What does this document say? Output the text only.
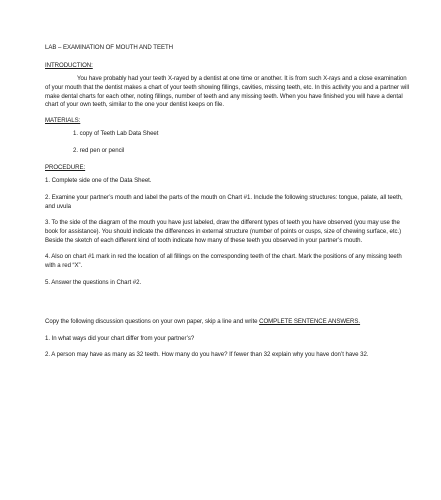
LAB – EXAMINATION OF MOUTH AND TEETH

INTRODUCTION:

You have probably had your teeth X-rayed by a dentist at one time or another. It is from such X-rays and a close examination of your mouth that the dentist makes a chart of your teeth showing fillings, cavities, missing teeth, etc. In this activity you and a partner will make dental charts for each other, noting fillings, number of teeth and any missing teeth. When you have finished you will have a dental chart of your own teeth, similar to the one your dentist keeps on file.

MATERIALS:

1. copy of Teeth Lab Data Sheet
2. red pen or pencil

PROCEDURE:

1. Complete side one of the Data Sheet.

2. Examine your partner’s mouth and label the parts of the mouth on Chart #1. Include the following structures: tongue, palate, all teeth, and uvula

3. To the side of the diagram of the mouth you have just labeled, draw the different types of teeth you have observed (you may use the book for assistance). You should indicate the differences in external structure (number of points or cusps, size of chewing surface, etc.) Beside the sketch of each different kind of tooth indicate how many of these teeth you observed in your partner’s mouth.

4. Also on chart #1 mark in red the location of all fillings on the corresponding teeth of the chart. Mark the positions of any missing teeth with a red “X”.

5. Answer the questions in Chart #2.

Copy the following discussion questions on your own paper, skip a line and write COMPLETE SENTENCE ANSWERS.

1. In what ways did your chart differ from your partner’s?

2. A person may have as many as 32 teeth. How many do you have? If fewer than 32 explain why you have don’t have 32.
